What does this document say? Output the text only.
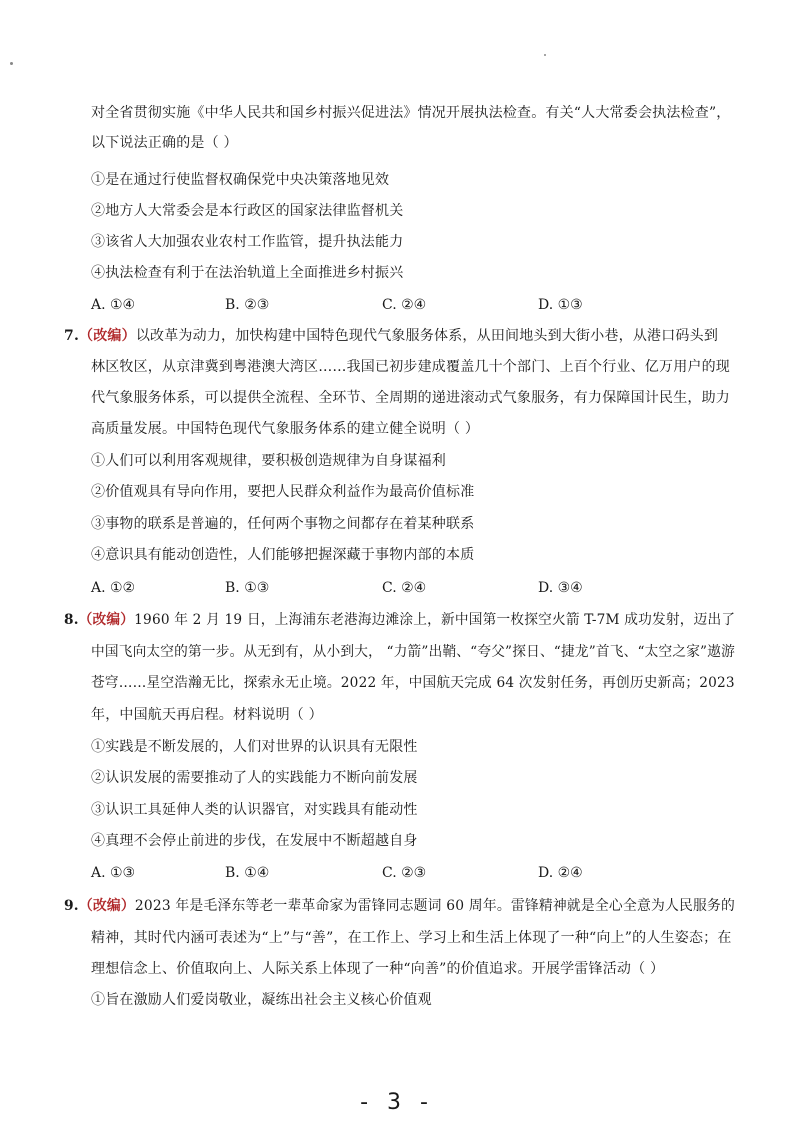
对全省贯彻实施《中华人民共和国乡村振兴促进法》情况开展执法检查。有关“人大常委会执法检查”，
以下说法正确的是（ ）
①是在通过行使监督权确保党中央决策落地见效
②地方人大常委会是本行政区的国家法律监督机关
③该省人大加强农业农村工作监管，提升执法能力
④执法检查有利于在法治轨道上全面推进乡村振兴
A. ①④	B. ②③	C. ②④	D. ①③
7.（改编）以改革为动力，加快构建中国特色现代气象服务体系，从田间地头到大街小巷，从港口码头到
林区牧区，从京津冀到粤港澳大湾区……我国已初步建成覆盖几十个部门、上百个行业、亿万用户的现
代气象服务体系，可以提供全流程、全环节、全周期的递进滚动式气象服务，有力保障国计民生，助力
高质量发展。中国特色现代气象服务体系的建立健全说明（ ）
①人们可以利用客观规律，要积极创造规律为自身谋福利
②价值观具有导向作用，要把人民群众利益作为最高价值标准
③事物的联系是普遍的，任何两个事物之间都存在着某种联系
④意识具有能动创造性，人们能够把握深藏于事物内部的本质
A. ①②	B. ①③	C. ②④	D. ③④
8.（改编）1960 年 2 月 19 日，上海浦东老港海边滩涂上，新中国第一枚探空火箭 T-7M 成功发射，迈出了
中国飞向太空的第一步。从无到有，从小到大， “力箭”出鞘、“夸父”探日、“捷龙”首飞、“太空之家”遨游
苍穹……星空浩瀚无比，探索永无止境。2022 年，中国航天完成 64 次发射任务，再创历史新高；2023
年，中国航天再启程。材料说明（ ）
①实践是不断发展的，人们对世界的认识具有无限性
②认识发展的需要推动了人的实践能力不断向前发展
③认识工具延伸人类的认识器官，对实践具有能动性
④真理不会停止前进的步伐，在发展中不断超越自身
A. ①③	B. ①④	C. ②③	D. ②④
9.（改编）2023 年是毛泽东等老一辈革命家为雷锋同志题词 60 周年。雷锋精神就是全心全意为人民服务的
精神，其时代内涵可表述为“上”与“善”，在工作上、学习上和生活上体现了一种“向上”的人生姿态；在
理想信念上、价值取向上、人际关系上体现了一种“向善”的价值追求。开展学雷锋活动（ ）
①旨在激励人们爱岗敬业，凝练出社会主义核心价值观
- 3 -
